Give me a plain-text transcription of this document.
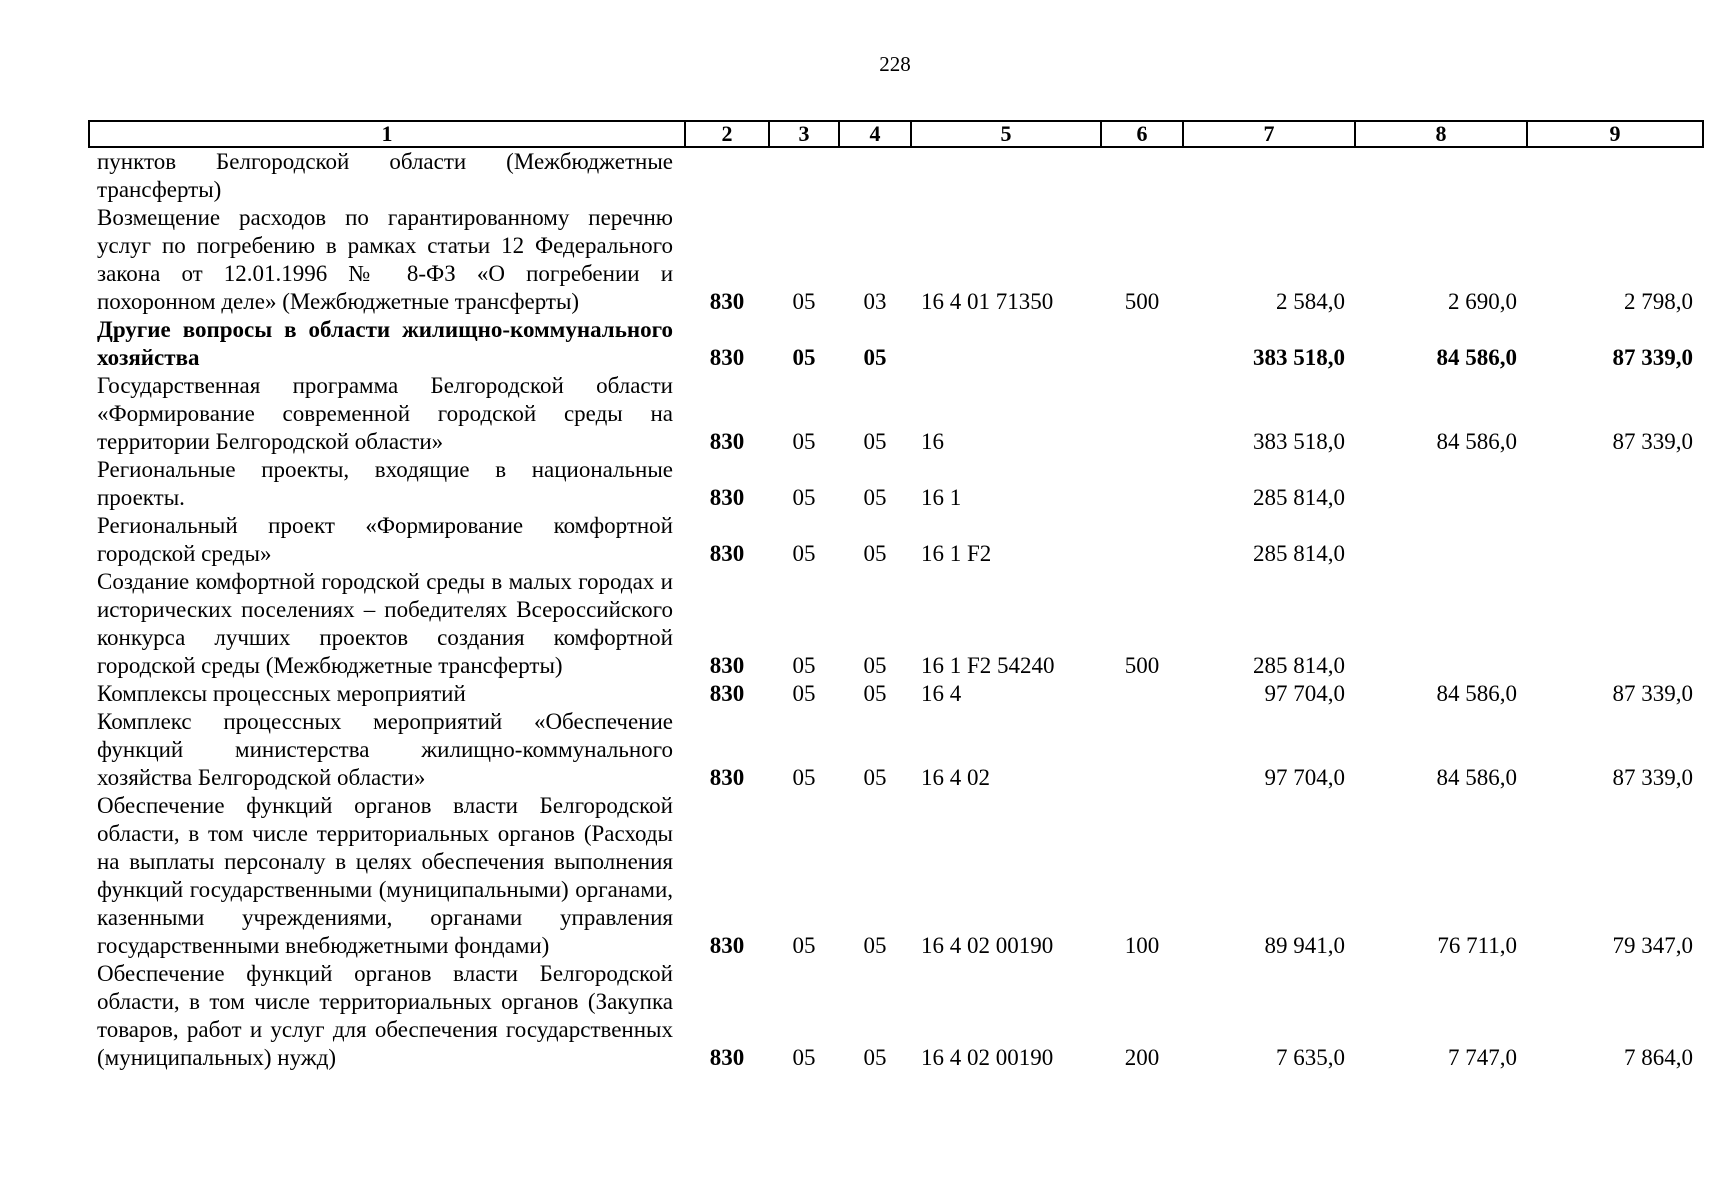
228
1	2	3	4	5	6	7	8	9
пунктов Белгородской области (Межбюджетные трансферты)								
Возмещение расходов по гарантированному перечню услуг по погребению в рамках статьи 12 Федерального закона от 12.01.1996 № 8-ФЗ «О погребении и похоронном деле» (Межбюджетные трансферты)	830	05	03	16 4 01 71350	500	2 584,0	2 690,0	2 798,0
Другие вопросы в области жилищно-коммунального хозяйства	830	05	05			383 518,0	84 586,0	87 339,0
Государственная программа Белгородской области «Формирование современной городской среды на территории Белгородской области»	830	05	05	16		383 518,0	84 586,0	87 339,0
Региональные проекты, входящие в национальные проекты.	830	05	05	16 1		285 814,0		
Региональный проект «Формирование комфортной городской среды»	830	05	05	16 1 F2		285 814,0		
Создание комфортной городской среды в малых городах и исторических поселениях – победителях Всероссийского конкурса лучших проектов создания комфортной городской среды (Межбюджетные трансферты)	830	05	05	16 1 F2 54240	500	285 814,0		
Комплексы процессных мероприятий	830	05	05	16 4		97 704,0	84 586,0	87 339,0
Комплекс процессных мероприятий «Обеспечение функций министерства жилищно-коммунального хозяйства Белгородской области»	830	05	05	16 4 02		97 704,0	84 586,0	87 339,0
Обеспечение функций органов власти Белгородской области, в том числе территориальных органов (Расходы на выплаты персоналу в целях обеспечения выполнения функций государственными (муниципальными) органами, казенными учреждениями, органами управления государственными внебюджетными фондами)	830	05	05	16 4 02 00190	100	89 941,0	76 711,0	79 347,0
Обеспечение функций органов власти Белгородской области, в том числе территориальных органов (Закупка товаров, работ и услуг для обеспечения государственных (муниципальных) нужд)	830	05	05	16 4 02 00190	200	7 635,0	7 747,0	7 864,0
